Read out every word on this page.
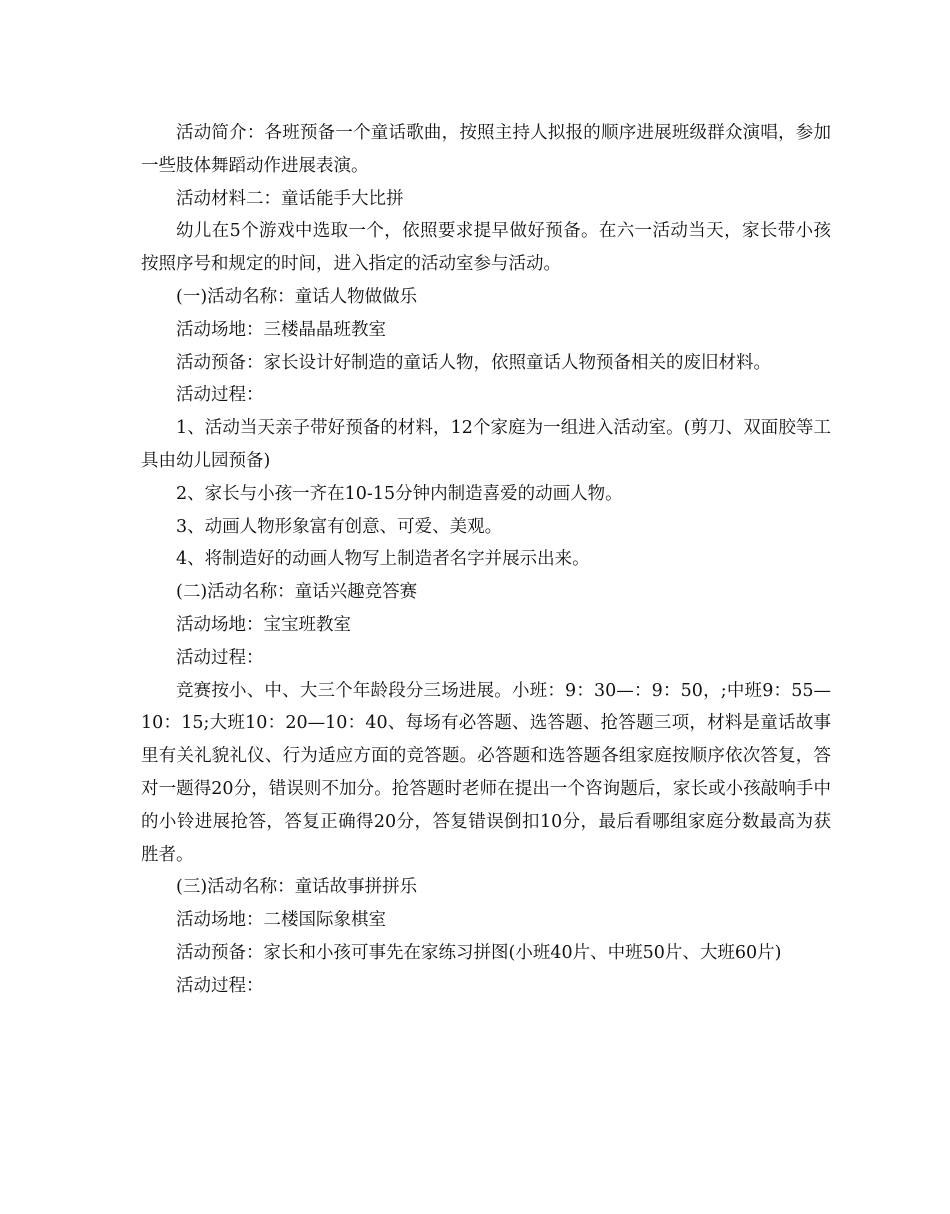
活动简介：各班预备一个童话歌曲，按照主持人拟报的顺序进展班级群众演唱，参加一些肢体舞蹈动作进展表演。

活动材料二：童话能手大比拼

幼儿在5个游戏中选取一个，依照要求提早做好预备。在六一活动当天，家长带小孩按照序号和规定的时间，进入指定的活动室参与活动。

(一)活动名称：童话人物做做乐

活动场地：三楼晶晶班教室

活动预备：家长设计好制造的童话人物，依照童话人物预备相关的废旧材料。

活动过程：

1、活动当天亲子带好预备的材料，12个家庭为一组进入活动室。(剪刀、双面胶等工具由幼儿园预备)

2、家长与小孩一齐在10-15分钟内制造喜爱的动画人物。

3、动画人物形象富有创意、可爱、美观。

4、将制造好的动画人物写上制造者名字并展示出来。

(二)活动名称：童话兴趣竞答赛

活动场地：宝宝班教室

活动过程：

竞赛按小、中、大三个年龄段分三场进展。小班：9：30—：9：50，;中班9：55—10：15;大班10：20—10：40、每场有必答题、选答题、抢答题三项，材料是童话故事里有关礼貌礼仪、行为适应方面的竞答题。必答题和选答题各组家庭按顺序依次答复，答对一题得20分，错误则不加分。抢答题时老师在提出一个咨询题后，家长或小孩敲响手中的小铃进展抢答，答复正确得20分，答复错误倒扣10分，最后看哪组家庭分数最高为获胜者。

(三)活动名称：童话故事拼拼乐

活动场地：二楼国际象棋室

活动预备：家长和小孩可事先在家练习拼图(小班40片、中班50片、大班60片)

活动过程：
